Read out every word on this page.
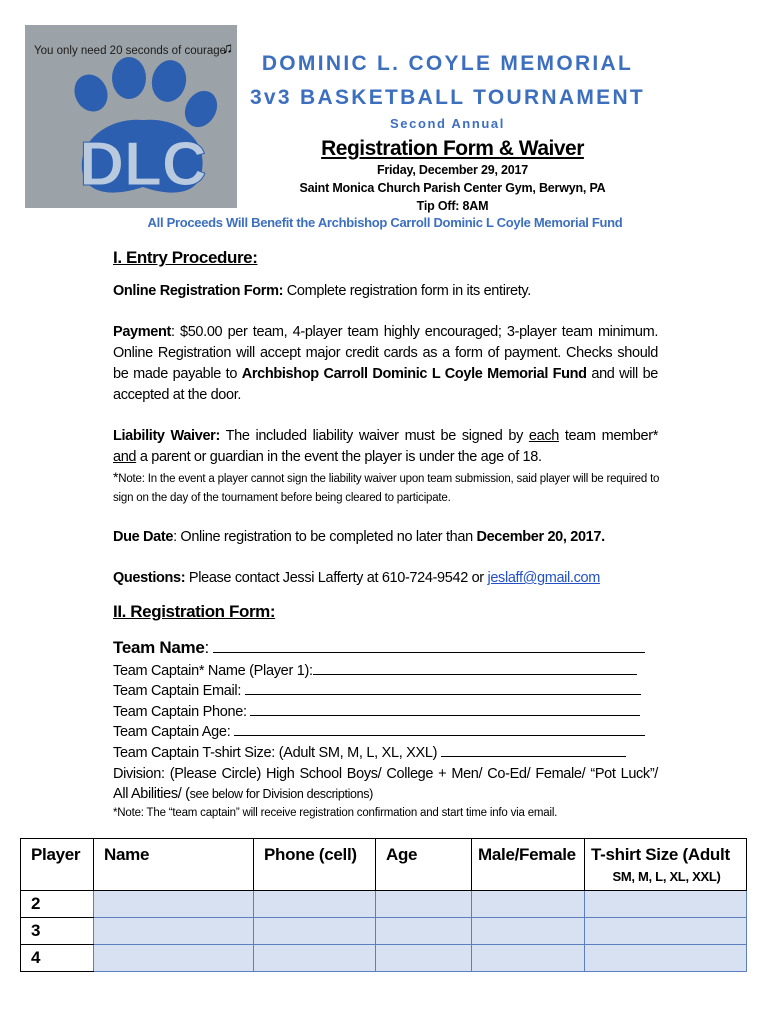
DLC
You only need 20 seconds of courage
♫
DOMINIC L. COYLE MEMORIAL
3v3 BASKETBALL TOURNAMENT
Second Annual
Registration Form & Waiver
Friday, December 29, 2017
Saint Monica Church Parish Center Gym, Berwyn, PA
Tip Off: 8AM
All Proceeds Will Benefit the Archbishop Carroll Dominic L Coyle Memorial Fund
I. Entry Procedure:
Online Registration Form: Complete registration form in its entirety.
Payment: $50.00 per team, 4-player team highly encouraged; 3-player team minimum. Online Registration will accept major credit cards as a form of payment. Checks should be made payable to Archbishop Carroll Dominic L Coyle Memorial Fund and will be accepted at the door.
Liability Waiver: The included liability waiver must be signed by each team member* and a parent or guardian in the event the player is under the age of 18.
*Note: In the event a player cannot sign the liability waiver upon team submission, said player will be required to sign on the day of the tournament before being cleared to participate.
Due Date: Online registration to be completed no later than December 20, 2017.
Questions: Please contact Jessi Lafferty at 610-724-9542 or jeslaff@gmail.com
II. Registration Form:
Team Name:
Team Captain* Name (Player 1):
Team Captain Email:
Team Captain Phone:
Team Captain Age:
Team Captain T-shirt Size: (Adult SM, M, L, XL, XXL)
Division: (Please Circle) High School Boys/ College + Men/ Co-Ed/ Female/ “Pot Luck”/ All Abilities/ (see below for Division descriptions)
*Note: The “team captain” will receive registration confirmation and start time info via email.
Player	Name	Phone (cell)	Age	Male/Female	T-shirt Size (Adult
SM, M, L, XL, XXL)

2					
3					
4					
